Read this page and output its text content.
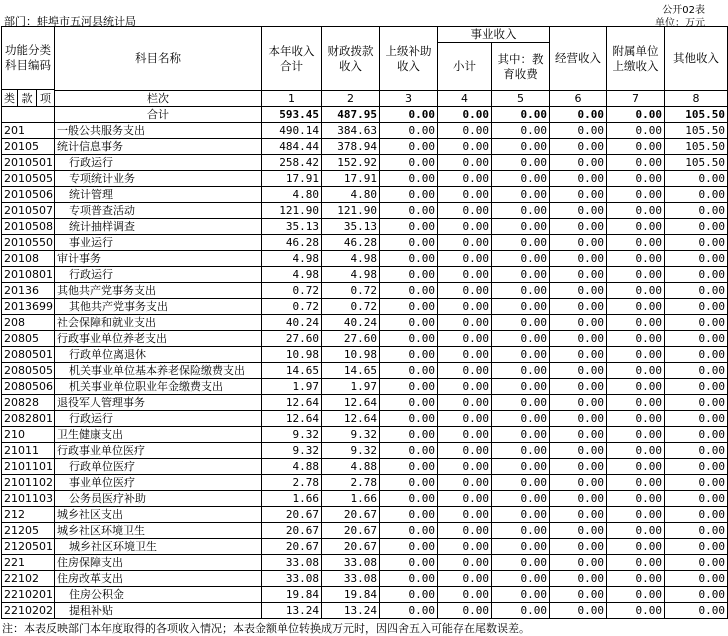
公开02表
部门：蚌埠市五河县统计局	单位：万元
功能分类科目编码			科目名称	本年收入合计	财政拨款收入	上级补助收入	事业收入		经营收入	附属单位上缴收入	其他收入
							小计	其中：教育收费			
类	款	项									
			栏次	1	2	3	4	5	6	7	8
			合计	593.45	487.95	0.00	0.00	0.00	0.00	0.00	105.50
201			一般公共服务支出	490.14	384.63	0.00	0.00	0.00	0.00	0.00	105.50
20105			统计信息事务	484.44	378.94	0.00	0.00	0.00	0.00	0.00	105.50
2010501			行政运行	258.42	152.92	0.00	0.00	0.00	0.00	0.00	105.50
2010505			专项统计业务	17.91	17.91	0.00	0.00	0.00	0.00	0.00	0.00
2010506			统计管理	4.80	4.80	0.00	0.00	0.00	0.00	0.00	0.00
2010507			专项普查活动	121.90	121.90	0.00	0.00	0.00	0.00	0.00	0.00
2010508			统计抽样调查	35.13	35.13	0.00	0.00	0.00	0.00	0.00	0.00
2010550			事业运行	46.28	46.28	0.00	0.00	0.00	0.00	0.00	0.00
20108			审计事务	4.98	4.98	0.00	0.00	0.00	0.00	0.00	0.00
2010801			行政运行	4.98	4.98	0.00	0.00	0.00	0.00	0.00	0.00
20136			其他共产党事务支出	0.72	0.72	0.00	0.00	0.00	0.00	0.00	0.00
2013699			其他共产党事务支出	0.72	0.72	0.00	0.00	0.00	0.00	0.00	0.00
208			社会保障和就业支出	40.24	40.24	0.00	0.00	0.00	0.00	0.00	0.00
20805			行政事业单位养老支出	27.60	27.60	0.00	0.00	0.00	0.00	0.00	0.00
2080501			行政单位离退休	10.98	10.98	0.00	0.00	0.00	0.00	0.00	0.00
2080505			机关事业单位基本养老保险缴费支出	14.65	14.65	0.00	0.00	0.00	0.00	0.00	0.00
2080506			机关事业单位职业年金缴费支出	1.97	1.97	0.00	0.00	0.00	0.00	0.00	0.00
20828			退役军人管理事务	12.64	12.64	0.00	0.00	0.00	0.00	0.00	0.00
2082801			行政运行	12.64	12.64	0.00	0.00	0.00	0.00	0.00	0.00
210			卫生健康支出	9.32	9.32	0.00	0.00	0.00	0.00	0.00	0.00
21011			行政事业单位医疗	9.32	9.32	0.00	0.00	0.00	0.00	0.00	0.00
2101101			行政单位医疗	4.88	4.88	0.00	0.00	0.00	0.00	0.00	0.00
2101102			事业单位医疗	2.78	2.78	0.00	0.00	0.00	0.00	0.00	0.00
2101103			公务员医疗补助	1.66	1.66	0.00	0.00	0.00	0.00	0.00	0.00
212			城乡社区支出	20.67	20.67	0.00	0.00	0.00	0.00	0.00	0.00
21205			城乡社区环境卫生	20.67	20.67	0.00	0.00	0.00	0.00	0.00	0.00
2120501			城乡社区环境卫生	20.67	20.67	0.00	0.00	0.00	0.00	0.00	0.00
221			住房保障支出	33.08	33.08	0.00	0.00	0.00	0.00	0.00	0.00
22102			住房改革支出	33.08	33.08	0.00	0.00	0.00	0.00	0.00	0.00
2210201			住房公积金	19.84	19.84	0.00	0.00	0.00	0.00	0.00	0.00
2210202			提租补贴	13.24	13.24	0.00	0.00	0.00	0.00	0.00	0.00
注：本表反映部门本年度取得的各项收入情况；本表金额单位转换成万元时，因四舍五入可能存在尾数误差。
